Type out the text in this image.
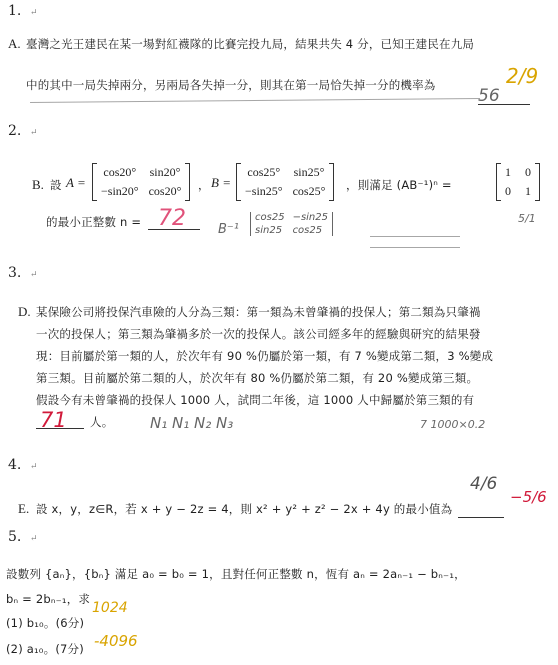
1. ↵
A. 臺灣之光王建民在某一場對紅襪隊的比賽完投九局，結果共失 4 分，已知王建民在九局
中的其中一局失掉兩分，另兩局各失掉一分，則其在第一局恰失掉一分的機率為	2/9
56
2. ↵
B. 設 A =
cos20° sin20°
−sin20° cos20° ， B =
cos25° sin25°
−sin25° cos25° ，則滿足 (AB⁻¹)ⁿ =
1 0
0 1
的最小正整數 n = 72 B⁻¹
cos25 −sin25
sin25 cos25
5/1
3. ↵
D. 某保險公司將投保汽車險的人分為三類：第一類為未曾肇禍的投保人；第二類為只肇禍
一次的投保人；第三類為肇禍多於一次的投保人。該公司經多年的經驗與研究的結果發
現：目前屬於第一類的人，於次年有 90 %仍屬於第一類，有 7 %變成第二類，3 %變成
第三類。目前屬於第二類的人，於次年有 80 %仍屬於第二類，有 20 %變成第三類。
假設今有未曾肇禍的投保人 1000 人，試問二年後，這 1000 人中歸屬於第三類的有
71 人。 N₁ N₁ N₂ N₃	7 1000×0.2
4. ↵
E. 設 x，y，z∈R，若 x + y − 2z = 4，則 x² + y² + z² − 2x + 4y 的最小值為
4/6
−5/6
5. ↵
設數列 {aₙ}，{bₙ} 滿足 a₀ = b₀ = 1，且對任何正整數 n，恆有 aₙ = 2aₙ₋₁ − bₙ₋₁，
bₙ = 2bₙ₋₁，求
(1) b₁₀。(6分)
1024
(2) a₁₀。(7分) -4096
